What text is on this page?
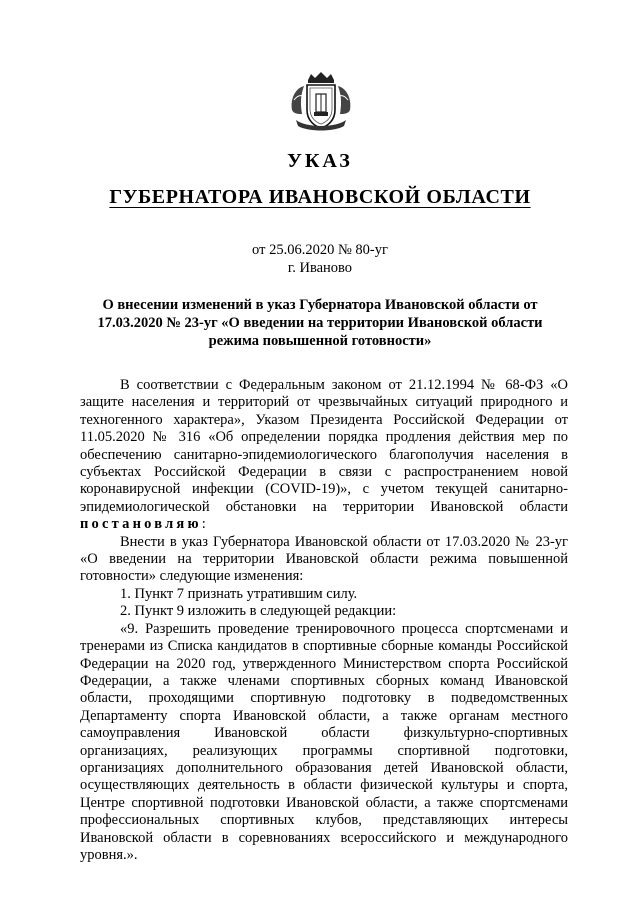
УКАЗ
ГУБЕРНАТОРА ИВАНОВСКОЙ ОБЛАСТИ
от 25.06.2020 № 80-уг
г. Иваново
О внесении изменений в указ Губернатора Ивановской области от 17.03.2020 № 23-уг «О введении на территории Ивановской области режима повышенной готовности»

В соответствии с Федеральным законом от 21.12.1994 № 68-ФЗ «О защите населения и территорий от чрезвычайных ситуаций природного и техногенного характера», Указом Президента Российской Федерации от 11.05.2020 № 316 «Об определении порядка продления действия мер по обеспечению санитарно-эпидемиологического благополучия населения в субъектах Российской Федерации в связи с распространением новой коронавирусной инфекции (COVID-19)», с учетом текущей санитарно-эпидемиологической обстановки на территории Ивановской области постановляю:

Внести в указ Губернатора Ивановской области от 17.03.2020 № 23-уг «О введении на территории Ивановской области режима повышенной готовности» следующие изменения:

1. Пункт 7 признать утратившим силу.

2. Пункт 9 изложить в следующей редакции:

«9. Разрешить проведение тренировочного процесса спортсменами и тренерами из Списка кандидатов в спортивные сборные команды Российской Федерации на 2020 год, утвержденного Министерством спорта Российской Федерации, а также членами спортивных сборных команд Ивановской области, проходящими спортивную подготовку в подведомственных Департаменту спорта Ивановской области, а также органам местного самоуправления Ивановской области физкультурно-спортивных организациях, реализующих программы спортивной подготовки, организациях дополнительного образования детей Ивановской области, осуществляющих деятельность в области физической культуры и спорта, Центре спортивной подготовки Ивановской области, а также спортсменами профессиональных спортивных клубов, представляющих интересы Ивановской области в соревнованиях всероссийского и международного уровня.».
